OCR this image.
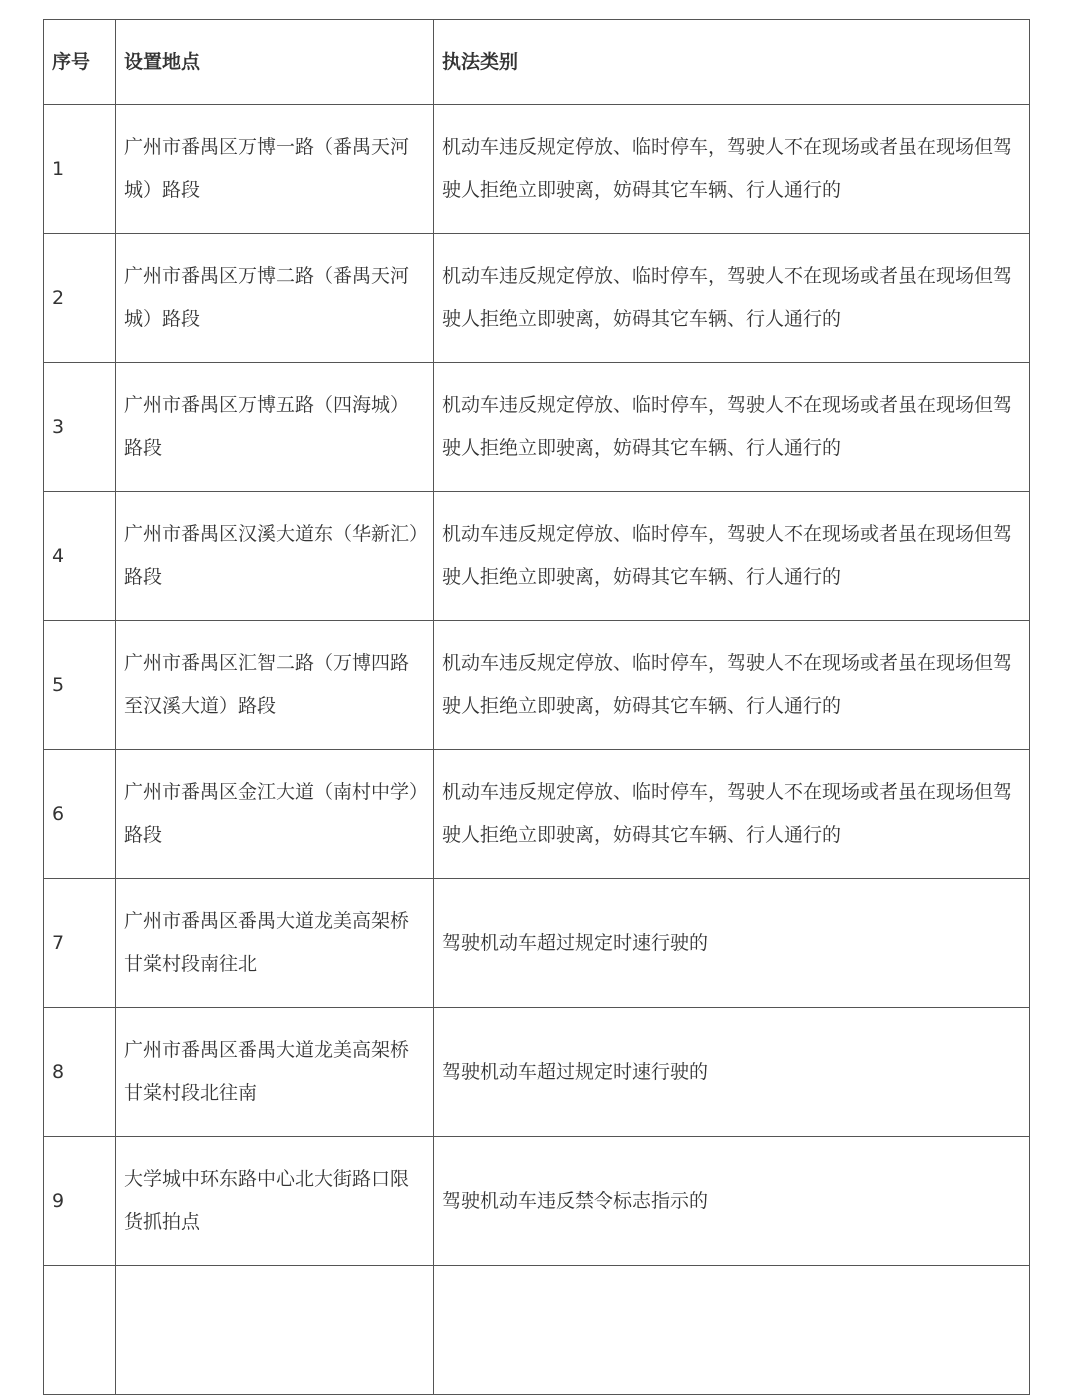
序号	设置地点	执法类别
1	广州市番禺区万博一路（番禺天河城）路段	机动车违反规定停放、临时停车，驾驶人不在现场或者虽在现场但驾驶人拒绝立即驶离，妨碍其它车辆、行人通行的
2	广州市番禺区万博二路（番禺天河城）路段	机动车违反规定停放、临时停车，驾驶人不在现场或者虽在现场但驾驶人拒绝立即驶离，妨碍其它车辆、行人通行的
3	广州市番禺区万博五路（四海城）路段	机动车违反规定停放、临时停车，驾驶人不在现场或者虽在现场但驾驶人拒绝立即驶离，妨碍其它车辆、行人通行的
4	广州市番禺区汉溪大道东（华新汇）路段	机动车违反规定停放、临时停车，驾驶人不在现场或者虽在现场但驾驶人拒绝立即驶离，妨碍其它车辆、行人通行的
5	广州市番禺区汇智二路（万博四路至汉溪大道）路段	机动车违反规定停放、临时停车，驾驶人不在现场或者虽在现场但驾驶人拒绝立即驶离，妨碍其它车辆、行人通行的
6	广州市番禺区金江大道（南村中学）路段	机动车违反规定停放、临时停车，驾驶人不在现场或者虽在现场但驾驶人拒绝立即驶离，妨碍其它车辆、行人通行的
7	广州市番禺区番禺大道龙美高架桥甘棠村段南往北	驾驶机动车超过规定时速行驶的
8	广州市番禺区番禺大道龙美高架桥甘棠村段北往南	驾驶机动车超过规定时速行驶的
9	大学城中环东路中心北大街路口限货抓拍点	驾驶机动车违反禁令标志指示的
